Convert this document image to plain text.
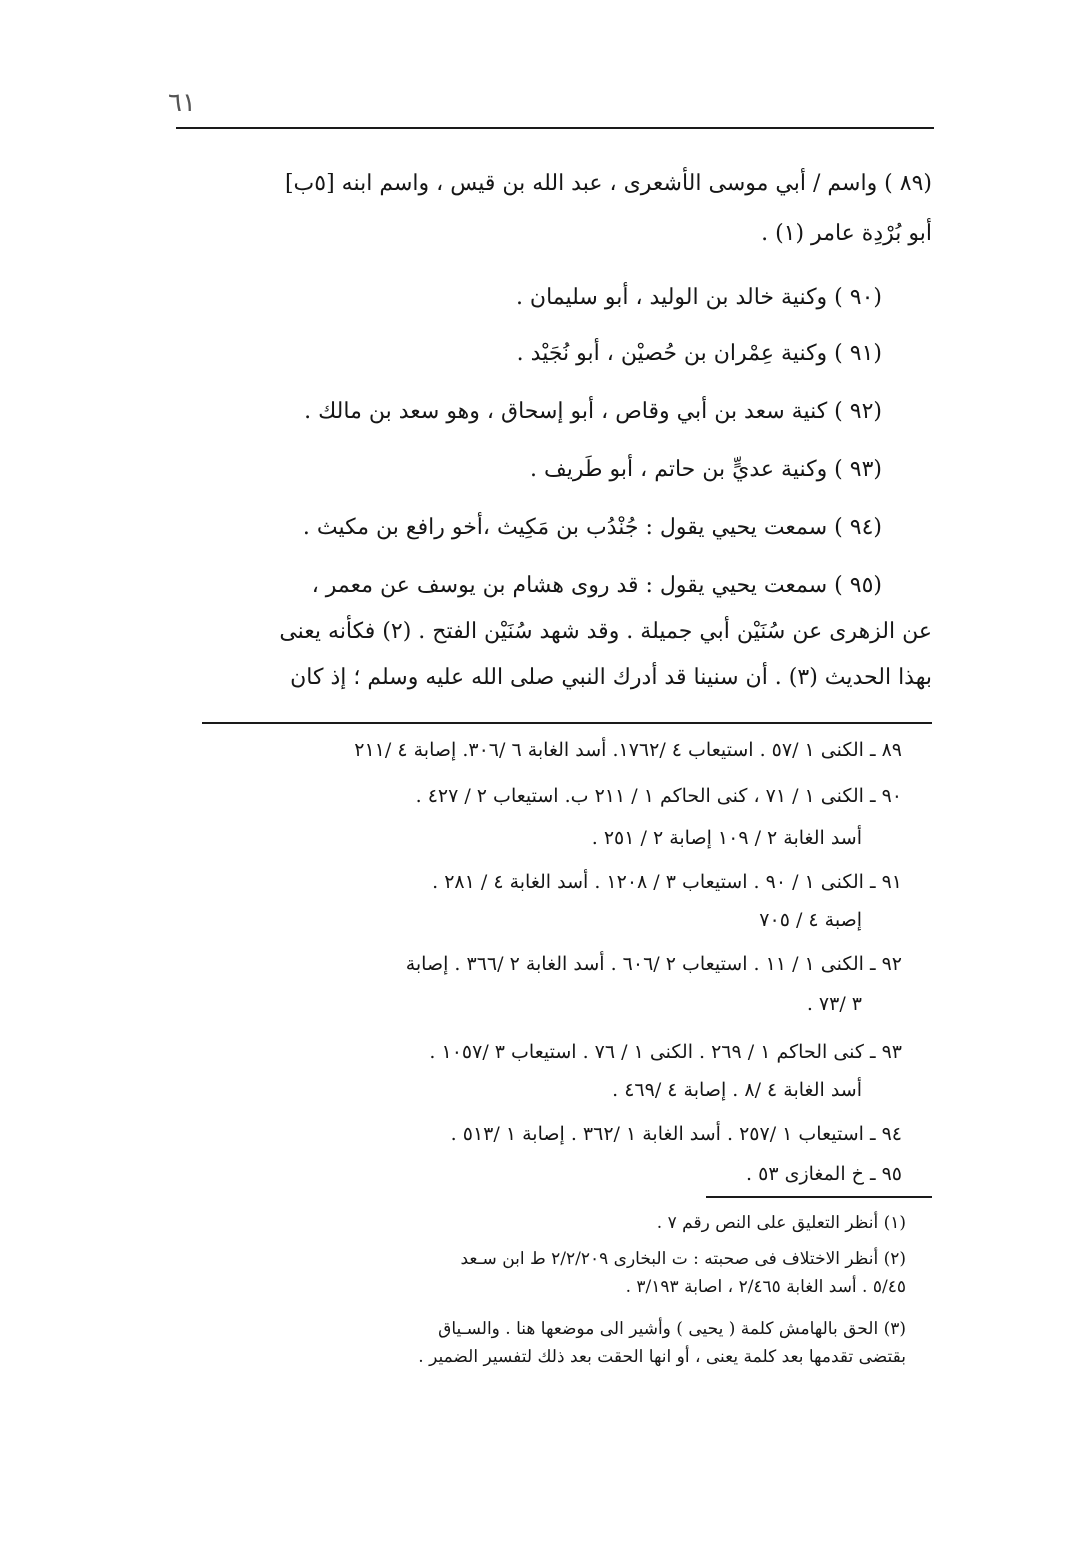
٦١
(٨٩ ) واسم / أبي موسى الأشعرى ، عبد الله بن قيس ، واسم ابنه [٥ب]
أبو بُرْدِة عامر (١) .
(٩٠ ) وكنية خالد بن الوليد ، أبو سليمان .
(٩١ ) وكنية عِمْران بن حُصيْن ، أبو نُجَيْد .
(٩٢ ) كنية سعد بن أبي وقاص ، أبو إسحاق ، وهو سعد بن مالك .
(٩٣ ) وكنية عديٍّ بن حاتم ، أبو طَريف .
(٩٤ ) سمعت يحيي يقول : جُنْدُب بن مَكِيث ،أخو رافع بن مكيث .
(٩٥ ) سمعت يحيي يقول : قد روى هشام بن يوسف عن معمر ،
عن الزهرى عن سُنَيْن أبي جميلة . وقد شهد سُنَيْن الفتح . (٢) فكأنه يعنى
بهذا الحديث (٣) . أن سنينا قد أدرك النبي صلى الله عليه وسلم ؛ إذ كان
٨٩ ـ الكنى ١ /٥٧ . استيعاب ٤ /١٧٦٢. أسد الغابة ٦ /٣٠٦. إصابة ٤ /٢١١
٩٠ ـ الكنى ١ / ٧١ ، كنى الحاكم ١ / ٢١١ ب. استيعاب ٢ / ٤٢٧ .
أسد الغابة ٢ / ١٠٩ إصابة ٢ / ٢٥١ .
٩١ ـ الكنى ١ / ٩٠ . استيعاب ٣ / ١٢٠٨ . أسد الغابة ٤ / ٢٨١ .
إصبة ٤ / ٧٠٥
٩٢ ـ الكنى ١ / ١١ . استيعاب ٢ /٦٠٦ . أسد الغابة ٢ /٣٦٦ . إصابة
٣ /٧٣ .
٩٣ ـ كنى الحاكم ١ / ٢٦٩ . الكنى ١ / ٧٦ . استيعاب ٣ /١٠٥٧ .
أسد الغابة ٤ /٨ . إصابة ٤ /٤٦٩ .
٩٤ ـ استيعاب ١ /٢٥٧ . أسد الغابة ١ /٣٦٢ . إصابة ١ /٥١٣ .
٩٥ ـ خ المغازى ٥٣ .
(١) أنظر التعليق على النص رقم ٧ .
(٢) أنظر الاختلاف فى صحبته : ت البخارى ٢/٢/٢٠٩ ط ابن سـعد
٥/٤٥ . أسد الغابة ٢/٤٦٥ ، اصابة ٣/١٩٣ .
(٣) الحق بالهامش كلمة ( يحيى ) وأشير الى موضعها هنا . والسـياق
بقتضى تقدمها بعد كلمة يعنى ، أو انها الحقت بعد ذلك لتفسير الضمير .
